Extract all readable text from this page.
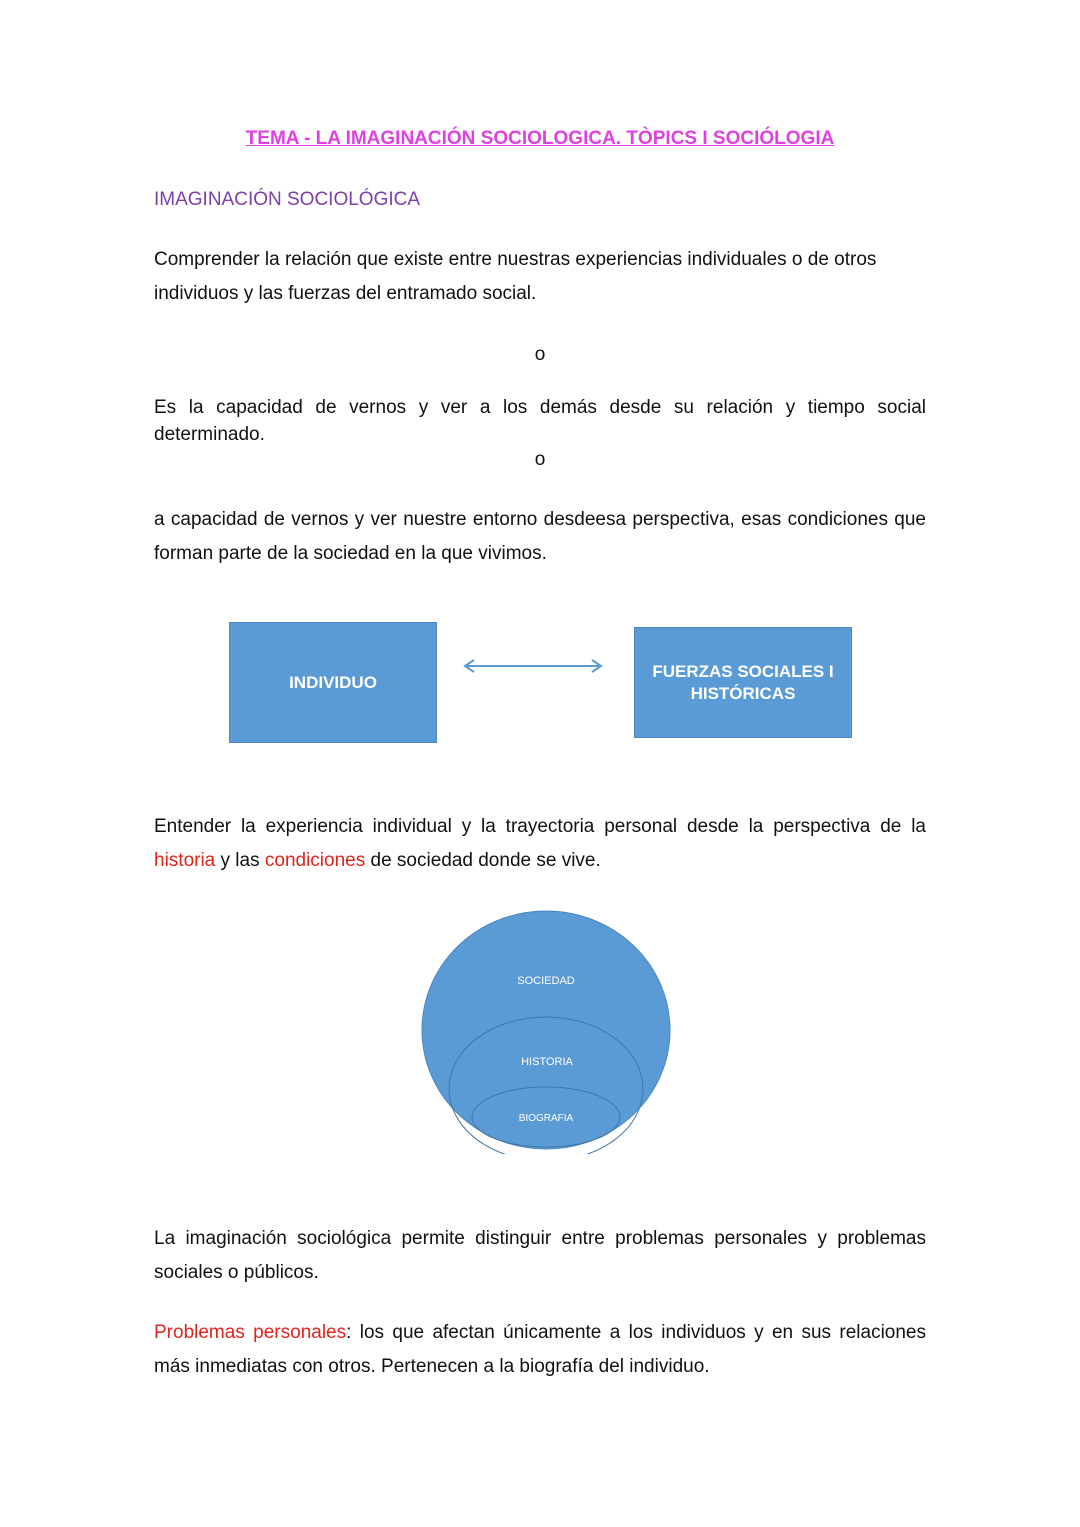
TEMA - LA IMAGINACIÓN SOCIOLOGICA. TÒPICS I SOCIÓLOGIA
IMAGINACIÓN SOCIOLÓGICA
Comprender la relación que existe entre nuestras experiencias individuales o de otros individuos y las fuerzas del entramado social.
o
Es la capacidad de vernos y ver a los demás desde su relación y tiempo social determinado.
o
a capacidad de vernos y ver nuestre entorno desdeesa perspectiva, esas condiciones que forman parte de la sociedad en la que vivimos.
INDIVIDUO
FUERZAS SOCIALES I
HISTÓRICAS
Entender la experiencia individual y la trayectoria personal desde la perspectiva de la historia y las condiciones de sociedad donde se vive.
SOCIEDAD
HISTORIA
BIOGRAFIA
La imaginación sociológica permite distinguir entre problemas personales y problemas sociales o públicos.
Problemas personales: los que afectan únicamente a los individuos y en sus relaciones más inmediatas con otros. Pertenecen a la biografía del individuo.
